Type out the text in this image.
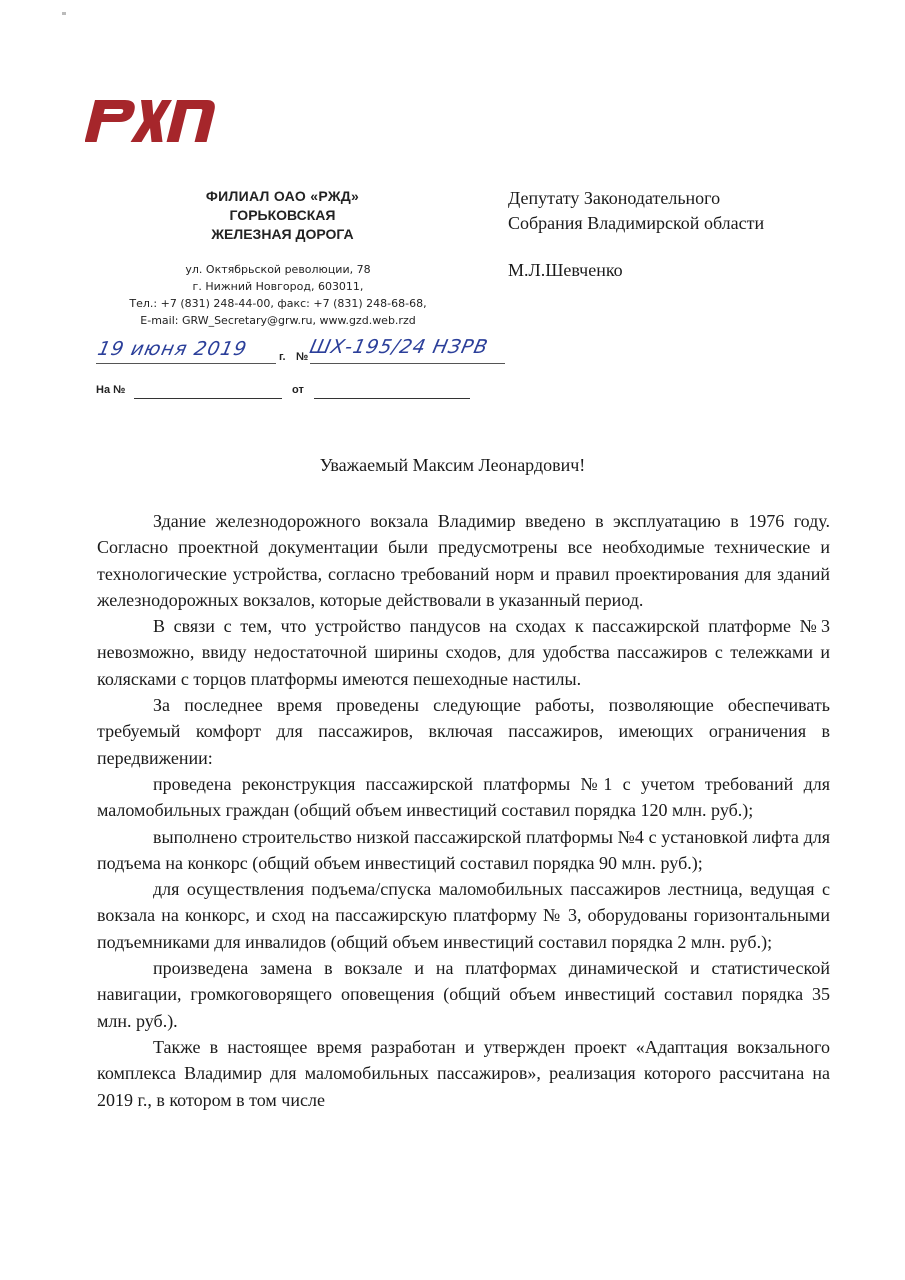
ФИЛИАЛ ОАО «РЖД»
ГОРЬКОВСКАЯ
ЖЕЛЕЗНАЯ ДОРОГА
ул. Октябрьской революции, 78
г. Нижний Новгород, 603011,
Тел.: +7 (831) 248-44-00, факс: +7 (831) 248-68-68,
E-mail: GRW_Secretary@grw.ru, www.gzd.web.rzd
Депутату Законодательного
Собрания Владимирской области
М.Л.Шевченко
19 июня 2019	г. № ШХ-195/24 НЗРВ
На №	от
Уважаемый Максим Леонардович!

Здание железнодорожного вокзала Владимир введено в эксплуатацию в 1976 году. Согласно проектной документации были предусмотрены все необходимые технические и технологические устройства, согласно требований норм и правил проектирования для зданий железнодорожных вокзалов, которые действовали в указанный период.

В связи с тем, что устройство пандусов на сходах к пассажирской платформе №3 невозможно, ввиду недостаточной ширины сходов, для удобства пассажиров с тележками и колясками с торцов платформы имеются пешеходные настилы.

За последнее время проведены следующие работы, позволяющие обеспечивать требуемый комфорт для пассажиров, включая пассажиров, имеющих ограничения в передвижении:

проведена реконструкция пассажирской платформы №1 с учетом требований для маломобильных граждан (общий объем инвестиций составил порядка 120 млн. руб.);

выполнено строительство низкой пассажирской платформы №4 с установкой лифта для подъема на конкорс (общий объем инвестиций составил порядка 90 млн. руб.);

для осуществления подъема/спуска маломобильных пассажиров лестница, ведущая с вокзала на конкорс, и сход на пассажирскую платформу № 3, оборудованы горизонтальными подъемниками для инвалидов (общий объем инвестиций составил порядка 2 млн. руб.);

произведена замена в вокзале и на платформах динамической и статистической навигации, громкоговорящего оповещения (общий объем инвестиций составил порядка 35 млн. руб.).

Также в настоящее время разработан и утвержден проект «Адаптация вокзального комплекса Владимир для маломобильных пассажиров», реализация которого рассчитана на 2019 г., в котором в том числе
